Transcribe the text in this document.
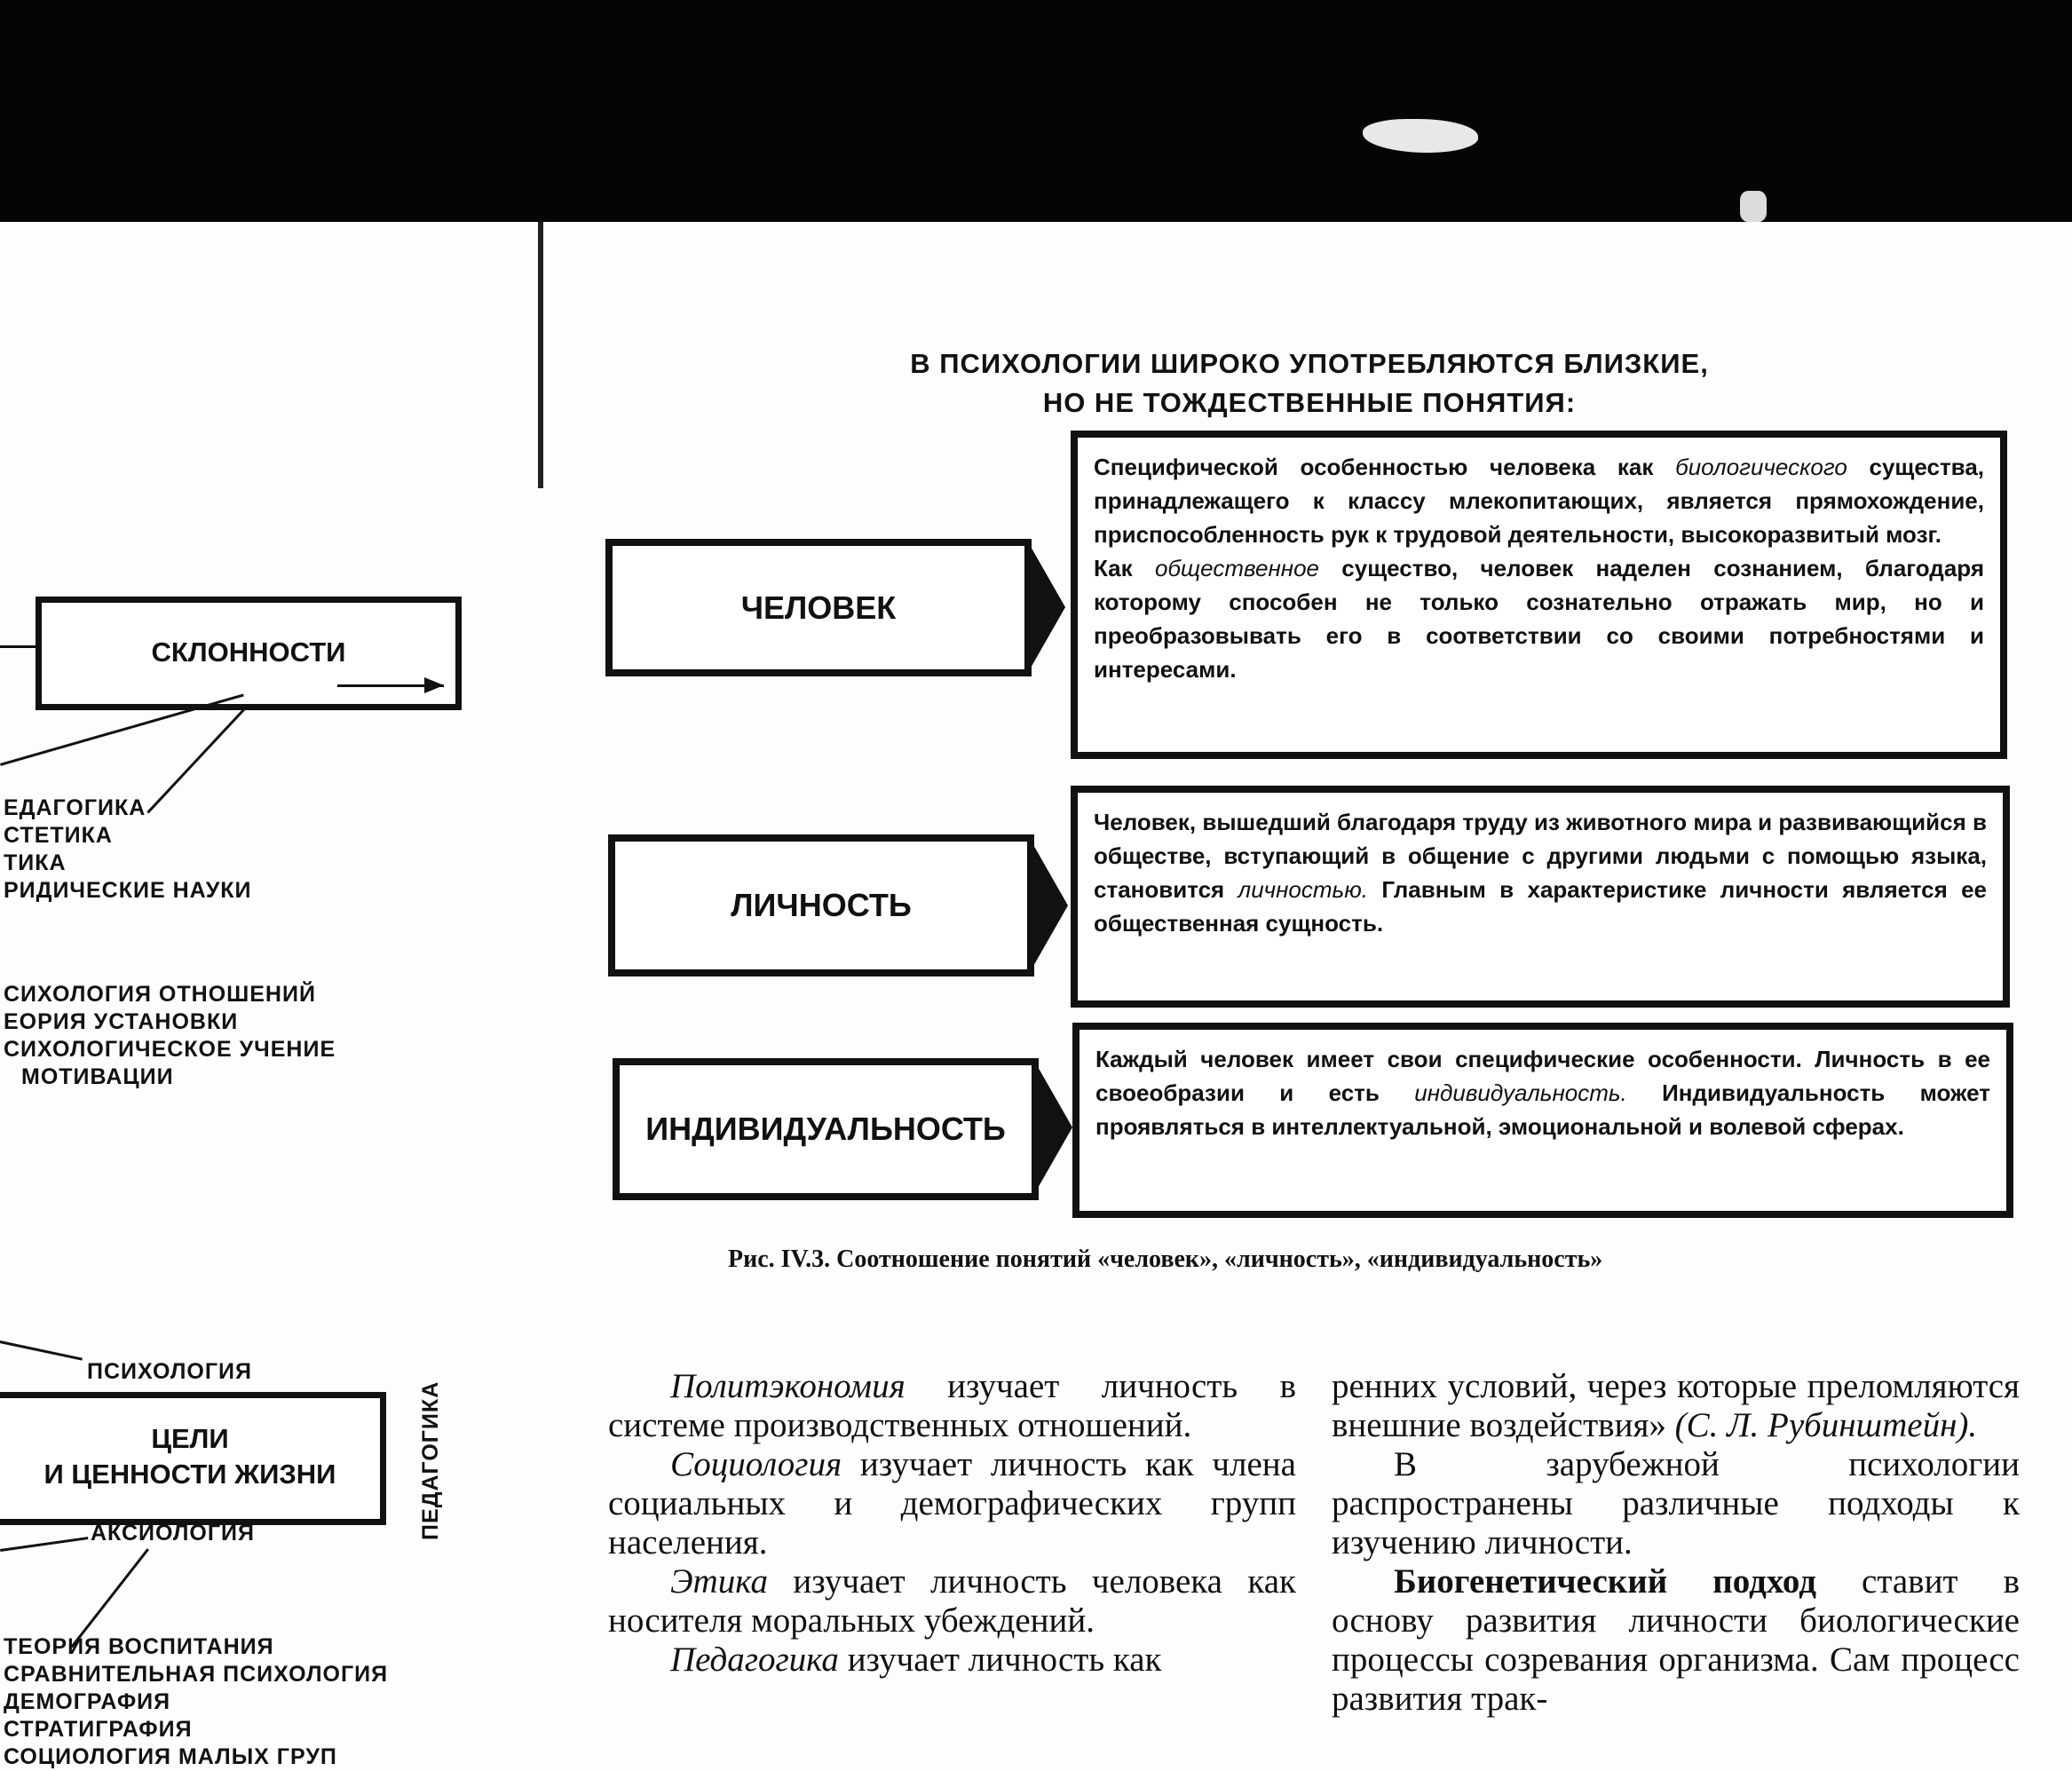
В ПСИХОЛОГИИ ШИРОКО УПОТРЕБЛЯЮТСЯ БЛИЗКИЕ,
НО НЕ ТОЖДЕСТВЕННЫЕ ПОНЯТИЯ:
ЧЕЛОВЕК

Специфической особенностью человека как биологического существа, принадлежащего к классу млекопитающих, является прямохождение, приспособленность рук к трудовой деятельности, высокоразвитый мозг.
Как общественное существо, человек наделен сознанием, благодаря которому способен не только сознательно отражать мир, но и преобразовывать его в соответствии со своими потребностями и интересами.

ЛИЧНОСТЬ

Человек, вышедший благодаря труду из животного мира и развивающийся в обществе, вступающий в общение с другими людьми с помощью языка, становится личностью. Главным в характеристике личности является ее общественная сущность.

ИНДИВИДУАЛЬНОСТЬ

Каждый человек имеет свои специфические особенности. Личность в ее своеобразии и есть индивидуальность. Индивидуальность может проявляться в интеллектуальной, эмоциональной и волевой сферах.

Рис. IV.3. Соотношение понятий «человек», «личность», «индивидуальность»
СКЛОННОСТИ
ЕДАГОГИКА
СТЕТИКА
ТИКА
РИДИЧЕСКИЕ НАУКИ
СИХОЛОГИЯ ОТНОШЕНИЙ
ЕОРИЯ УСТАНОВКИ
СИХОЛОГИЧЕСКОЕ УЧЕНИЕ
МОТИВАЦИИ
ПСИХОЛОГИЯ
ЦЕЛИ
И ЦЕННОСТИ ЖИЗНИ
АКСИОЛОГИЯ	ПЕДАГОГИКА
ТЕОРИЯ ВОСПИТАНИЯ
СРАВНИТЕЛЬНАЯ ПСИХОЛОГИЯ
ДЕМОГРАФИЯ
СТРАТИГРАФИЯ
СОЦИОЛОГИЯ МАЛЫХ ГРУП

Политэкономия изучает личность в системе производственных отношений.

Социология изучает личность как члена социальных и демографических групп населения.

Этика изучает личность человека как носителя моральных убеждений.

Педагогика изучает личность как

ренних условий, через которые преломляются внешние воздействия» (С. Л. Рубинштейн).

В зарубежной психологии распространены различные подходы к изучению личности.

Биогенетический подход ставит в основу развития личности биологические процессы созревания организма. Сам процесс развития трак-
